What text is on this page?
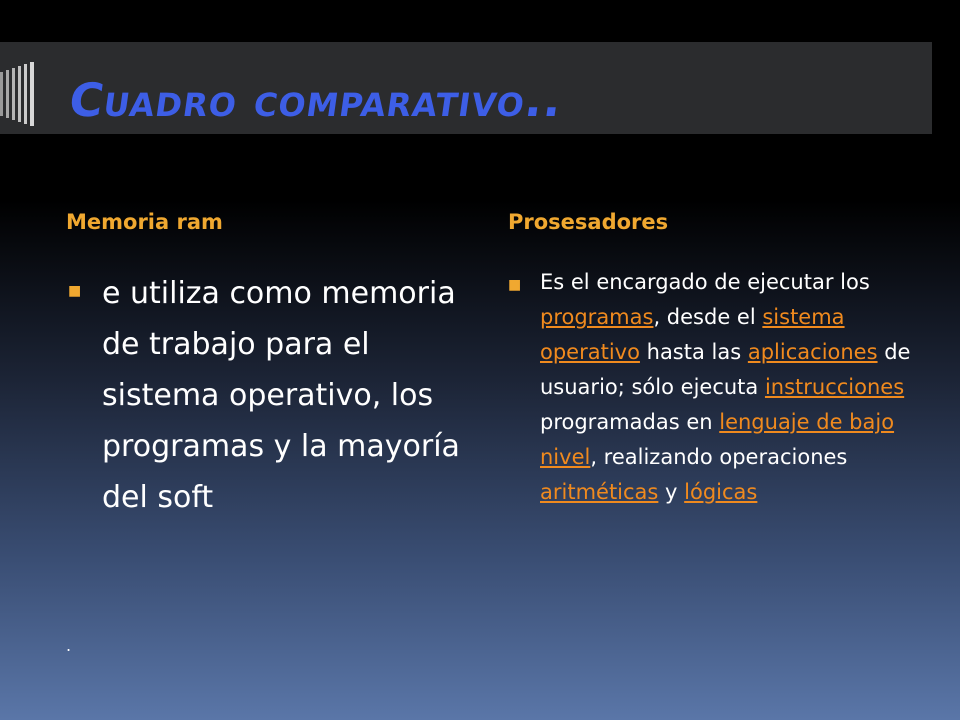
Cuadro comparativo..
Memoria ram	Prosesadores
■ e utiliza como memoria de trabajo para el sistema operativo, los programas y la mayoría del soft
■ Es el encargado de ejecutar los programas, desde el sistema operativo hasta las aplicaciones de usuario; sólo ejecuta instrucciones programadas en lenguaje de bajo nivel, realizando operaciones aritméticas y lógicas
.
